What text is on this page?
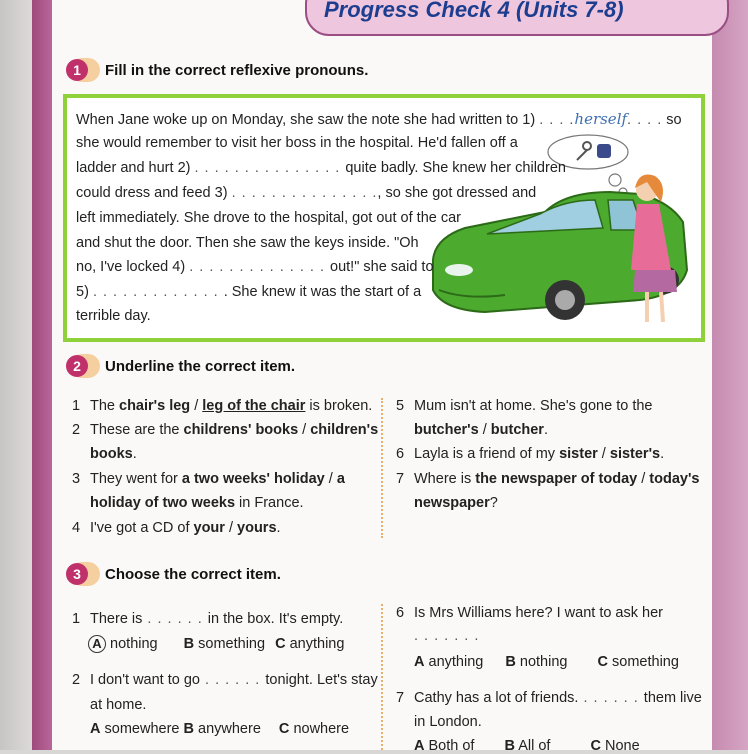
Progress Check 4 (Units 7-8)
1	Fill in the correct reflexive pronouns.
When Jane woke up on Monday, she saw the note she had written to 1) . . . .herself. . . . so
she would remember to visit her boss in the hospital. He'd fallen off a
ladder and hurt 2) . . . . . . . . . . . . . . . quite badly. She knew her children
could dress and feed 3) . . . . . . . . . . . . . . ., so she got dressed and
left immediately. She drove to the hospital, got out of the car
and shut the door. Then she saw the keys inside. "Oh
no, I've locked 4) . . . . . . . . . . . . . . out!" she said to
5) . . . . . . . . . . . . . . She knew it was the start of a
terrible day.
2	Underline the correct item.
1 The chair's leg / leg of the chair is broken.
2 These are the childrens' books / children's
books.
3 They went for a two weeks' holiday / a
holiday of two weeks in France.
4 I've got a CD of your / yours.
5 Mum isn't at home. She's gone to the
butcher's / butcher.
6 Layla is a friend of my sister / sister's.
7 Where is the newspaper of today / today's
newspaper?
3	Choose the correct item.
1 There is . . . . . . in the box. It's empty.
A nothing B something C anything
2 I don't want to go . . . . . . tonight. Let's stay
at home.
A somewhere B anywhere C nowhere
6 Is Mrs Williams here? I want to ask her
. . . . . . .
A anything B nothing C something
7 Cathy has a lot of friends. . . . . . . them live
in London.
A Both of B All of	C None
